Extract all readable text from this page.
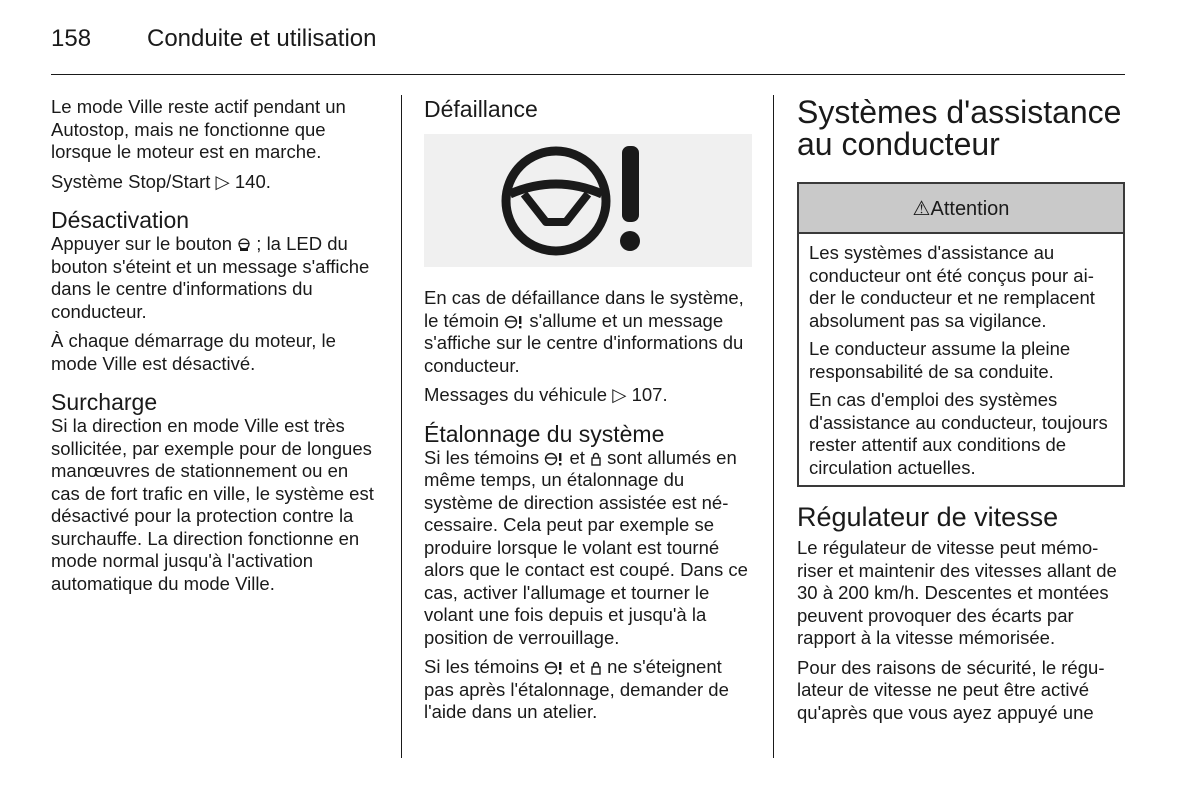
158 Conduite et utilisation

Le mode Ville reste actif pendant un Autostop, mais ne fonctionne que lorsque le moteur est en marche.

Système Stop/Start ▷ 140.

Désactivation

Appuyer sur le bouton ; la LED du bouton s'éteint et un message s'affiche dans le centre d'informations du conducteur.

À chaque démarrage du moteur, le mode Ville est désactivé.

Surcharge

Si la direction en mode Ville est très sollicitée, par exemple pour de longues manœuvres de stationnement ou en cas de fort trafic en ville, le système est désactivé pour la protection contre la surchauffe. La direction fonctionne en mode normal jusqu'à l'activation automatique du mode Ville.

Défaillance

En cas de défaillance dans le système, le témoin s'allume et un message s'affiche sur le centre d'informations du conducteur.

Messages du véhicule ▷ 107.

Étalonnage du système

Si les témoins et sont allumés en même temps, un étalonnage du système de direction assistée est nécessaire. Cela peut par exemple se produire lorsque le volant est tourné alors que le contact est coupé. Dans ce cas, activer l'allumage et tourner le volant une fois depuis et jusqu'à la position de verrouillage.

Si les témoins et ne s'éteignent pas après l'étalonnage, demander de l'aide dans un atelier.

Systèmes d'assistance au conducteur
⚠Attention

Les systèmes d'assistance au conducteur ont été conçus pour aider le conducteur et ne remplacent absolument pas sa vigilance.

Le conducteur assume la pleine responsabilité de sa conduite.

En cas d'emploi des systèmes d'assistance au conducteur, toujours rester attentif aux conditions de circulation actuelles.

Régulateur de vitesse

Le régulateur de vitesse peut mémoriser et maintenir des vitesses allant de 30 à 200 km/h. Descentes et montées peuvent provoquer des écarts par rapport à la vitesse mémorisée.

Pour des raisons de sécurité, le régulateur de vitesse ne peut être activé qu'après que vous ayez appuyé une
